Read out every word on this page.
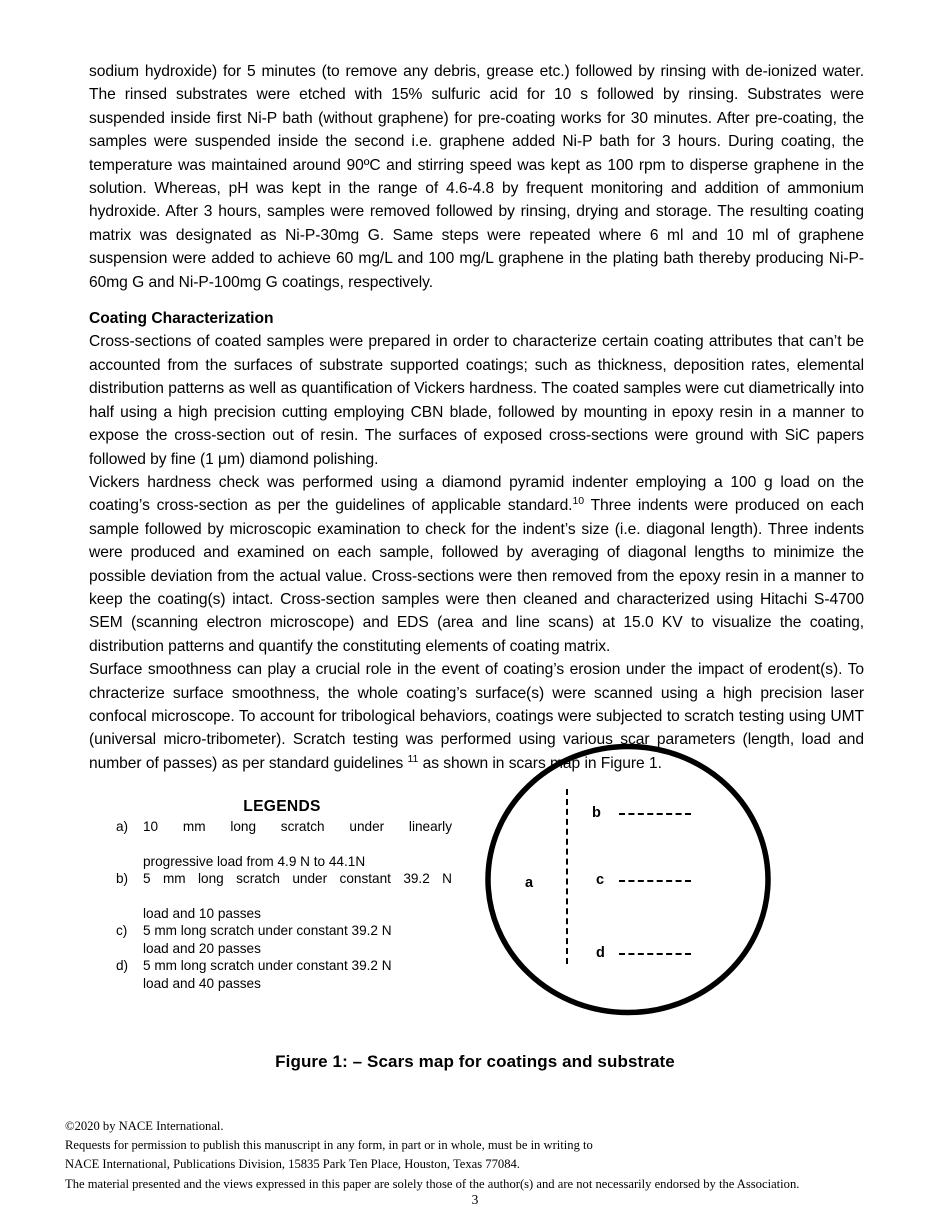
sodium hydroxide) for 5 minutes (to remove any debris, grease etc.) followed by rinsing with de-ionized water. The rinsed substrates were etched with 15% sulfuric acid for 10 s followed by rinsing. Substrates were suspended inside first Ni-P bath (without graphene) for pre-coating works for 30 minutes. After pre-coating, the samples were suspended inside the second i.e. graphene added Ni-P bath for 3 hours. During coating, the temperature was maintained around 90ºC and stirring speed was kept as 100 rpm to disperse graphene in the solution. Whereas, pH was kept in the range of 4.6-4.8 by frequent monitoring and addition of ammonium hydroxide. After 3 hours, samples were removed followed by rinsing, drying and storage. The resulting coating matrix was designated as Ni-P-30mg G. Same steps were repeated where 6 ml and 10 ml of graphene suspension were added to achieve 60 mg/L and 100 mg/L graphene in the plating bath thereby producing Ni-P-60mg G and Ni-P-100mg G coatings, respectively.

Coating Characterization

Cross-sections of coated samples were prepared in order to characterize certain coating attributes that can’t be accounted from the surfaces of substrate supported coatings; such as thickness, deposition rates, elemental distribution patterns as well as quantification of Vickers hardness. The coated samples were cut diametrically into half using a high precision cutting employing CBN blade, followed by mounting in epoxy resin in a manner to expose the cross-section out of resin. The surfaces of exposed cross-sections were ground with SiC papers followed by fine (1 μm) diamond polishing.

Vickers hardness check was performed using a diamond pyramid indenter employing a 100 g load on the coating’s cross-section as per the guidelines of applicable standard.$^{10}$ Three indents were produced on each sample followed by microscopic examination to check for the indent’s size (i.e. diagonal length). Three indents were produced and examined on each sample, followed by averaging of diagonal lengths to minimize the possible deviation from the actual value. Cross-sections were then removed from the epoxy resin in a manner to keep the coating(s) intact. Cross-section samples were then cleaned and characterized using Hitachi S-4700 SEM (scanning electron microscope) and EDS (area and line scans) at 15.0 KV to visualize the coating, distribution patterns and quantify the constituting elements of coating matrix.

Surface smoothness can play a crucial role in the event of coating’s erosion under the impact of erodent(s). To chracterize surface smoothness, the whole coating’s surface(s) were scanned using a high precision laser confocal microscope. To account for tribological behaviors, coatings were subjected to scratch testing using UMT (universal micro-tribometer). Scratch testing was performed using various scar parameters (length, load and number of passes) as per standard guidelines $^{11}$ as shown in scars map in Figure 1.

LEGENDS
a)	10 mm long scratch under linearly
progressive load from 4.9 N to 44.1N
b)	5 mm long scratch under constant 39.2 N
load and 10 passes
c)	5 mm long scratch under constant 39.2 N
load and 20 passes
d)	5 mm long scratch under constant 39.2 N
load and 40 passes
a
b
c
d
Figure 1: – Scars map for coatings and substrate
©2020 by NACE International.
Requests for permission to publish this manuscript in any form, in part or in whole, must be in writing to
NACE International, Publications Division, 15835 Park Ten Place, Houston, Texas 77084.
The material presented and the views expressed in this paper are solely those of the author(s) and are not necessarily endorsed by the Association.
3
